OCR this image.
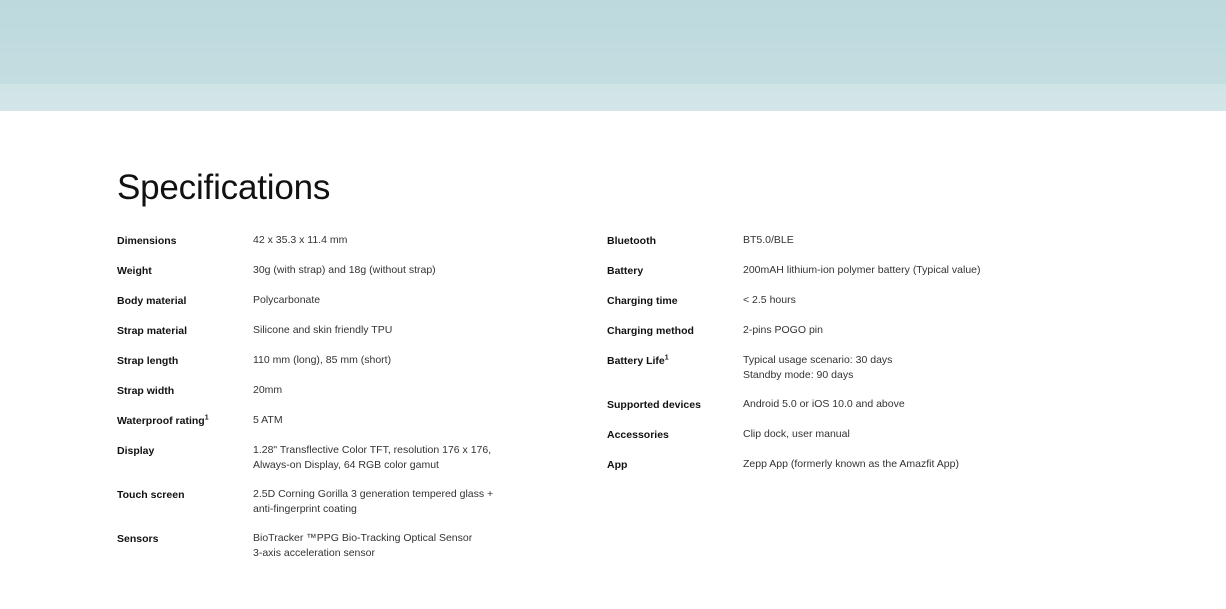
Specifications
Dimensions	42 x 35.3 x 11.4 mm
Weight	30g (with strap) and 18g (without strap)
Body material	Polycarbonate
Strap material	Silicone and skin friendly TPU
Strap length	110 mm (long), 85 mm (short)
Strap width	20mm
Waterproof rating$^1$	5 ATM
Display	1.28" Transflective Color TFT, resolution 176 x 176,
Always-on Display, 64 RGB color gamut
Touch screen	2.5D Corning Gorilla 3 generation tempered glass +
anti-fingerprint coating
Sensors	BioTracker ™PPG Bio-Tracking Optical Sensor
3-axis acceleration sensor
Bluetooth	BT5.0/BLE
Battery	200mAH lithium-ion polymer battery (Typical value)
Charging time	< 2.5 hours
Charging method	2-pins POGO pin
Battery Life$^1$	Typical usage scenario: 30 days
Standby mode: 90 days
Supported devices	Android 5.0 or iOS 10.0 and above
Accessories	Clip dock, user manual
App	Zepp App (formerly known as the Amazfit App)
